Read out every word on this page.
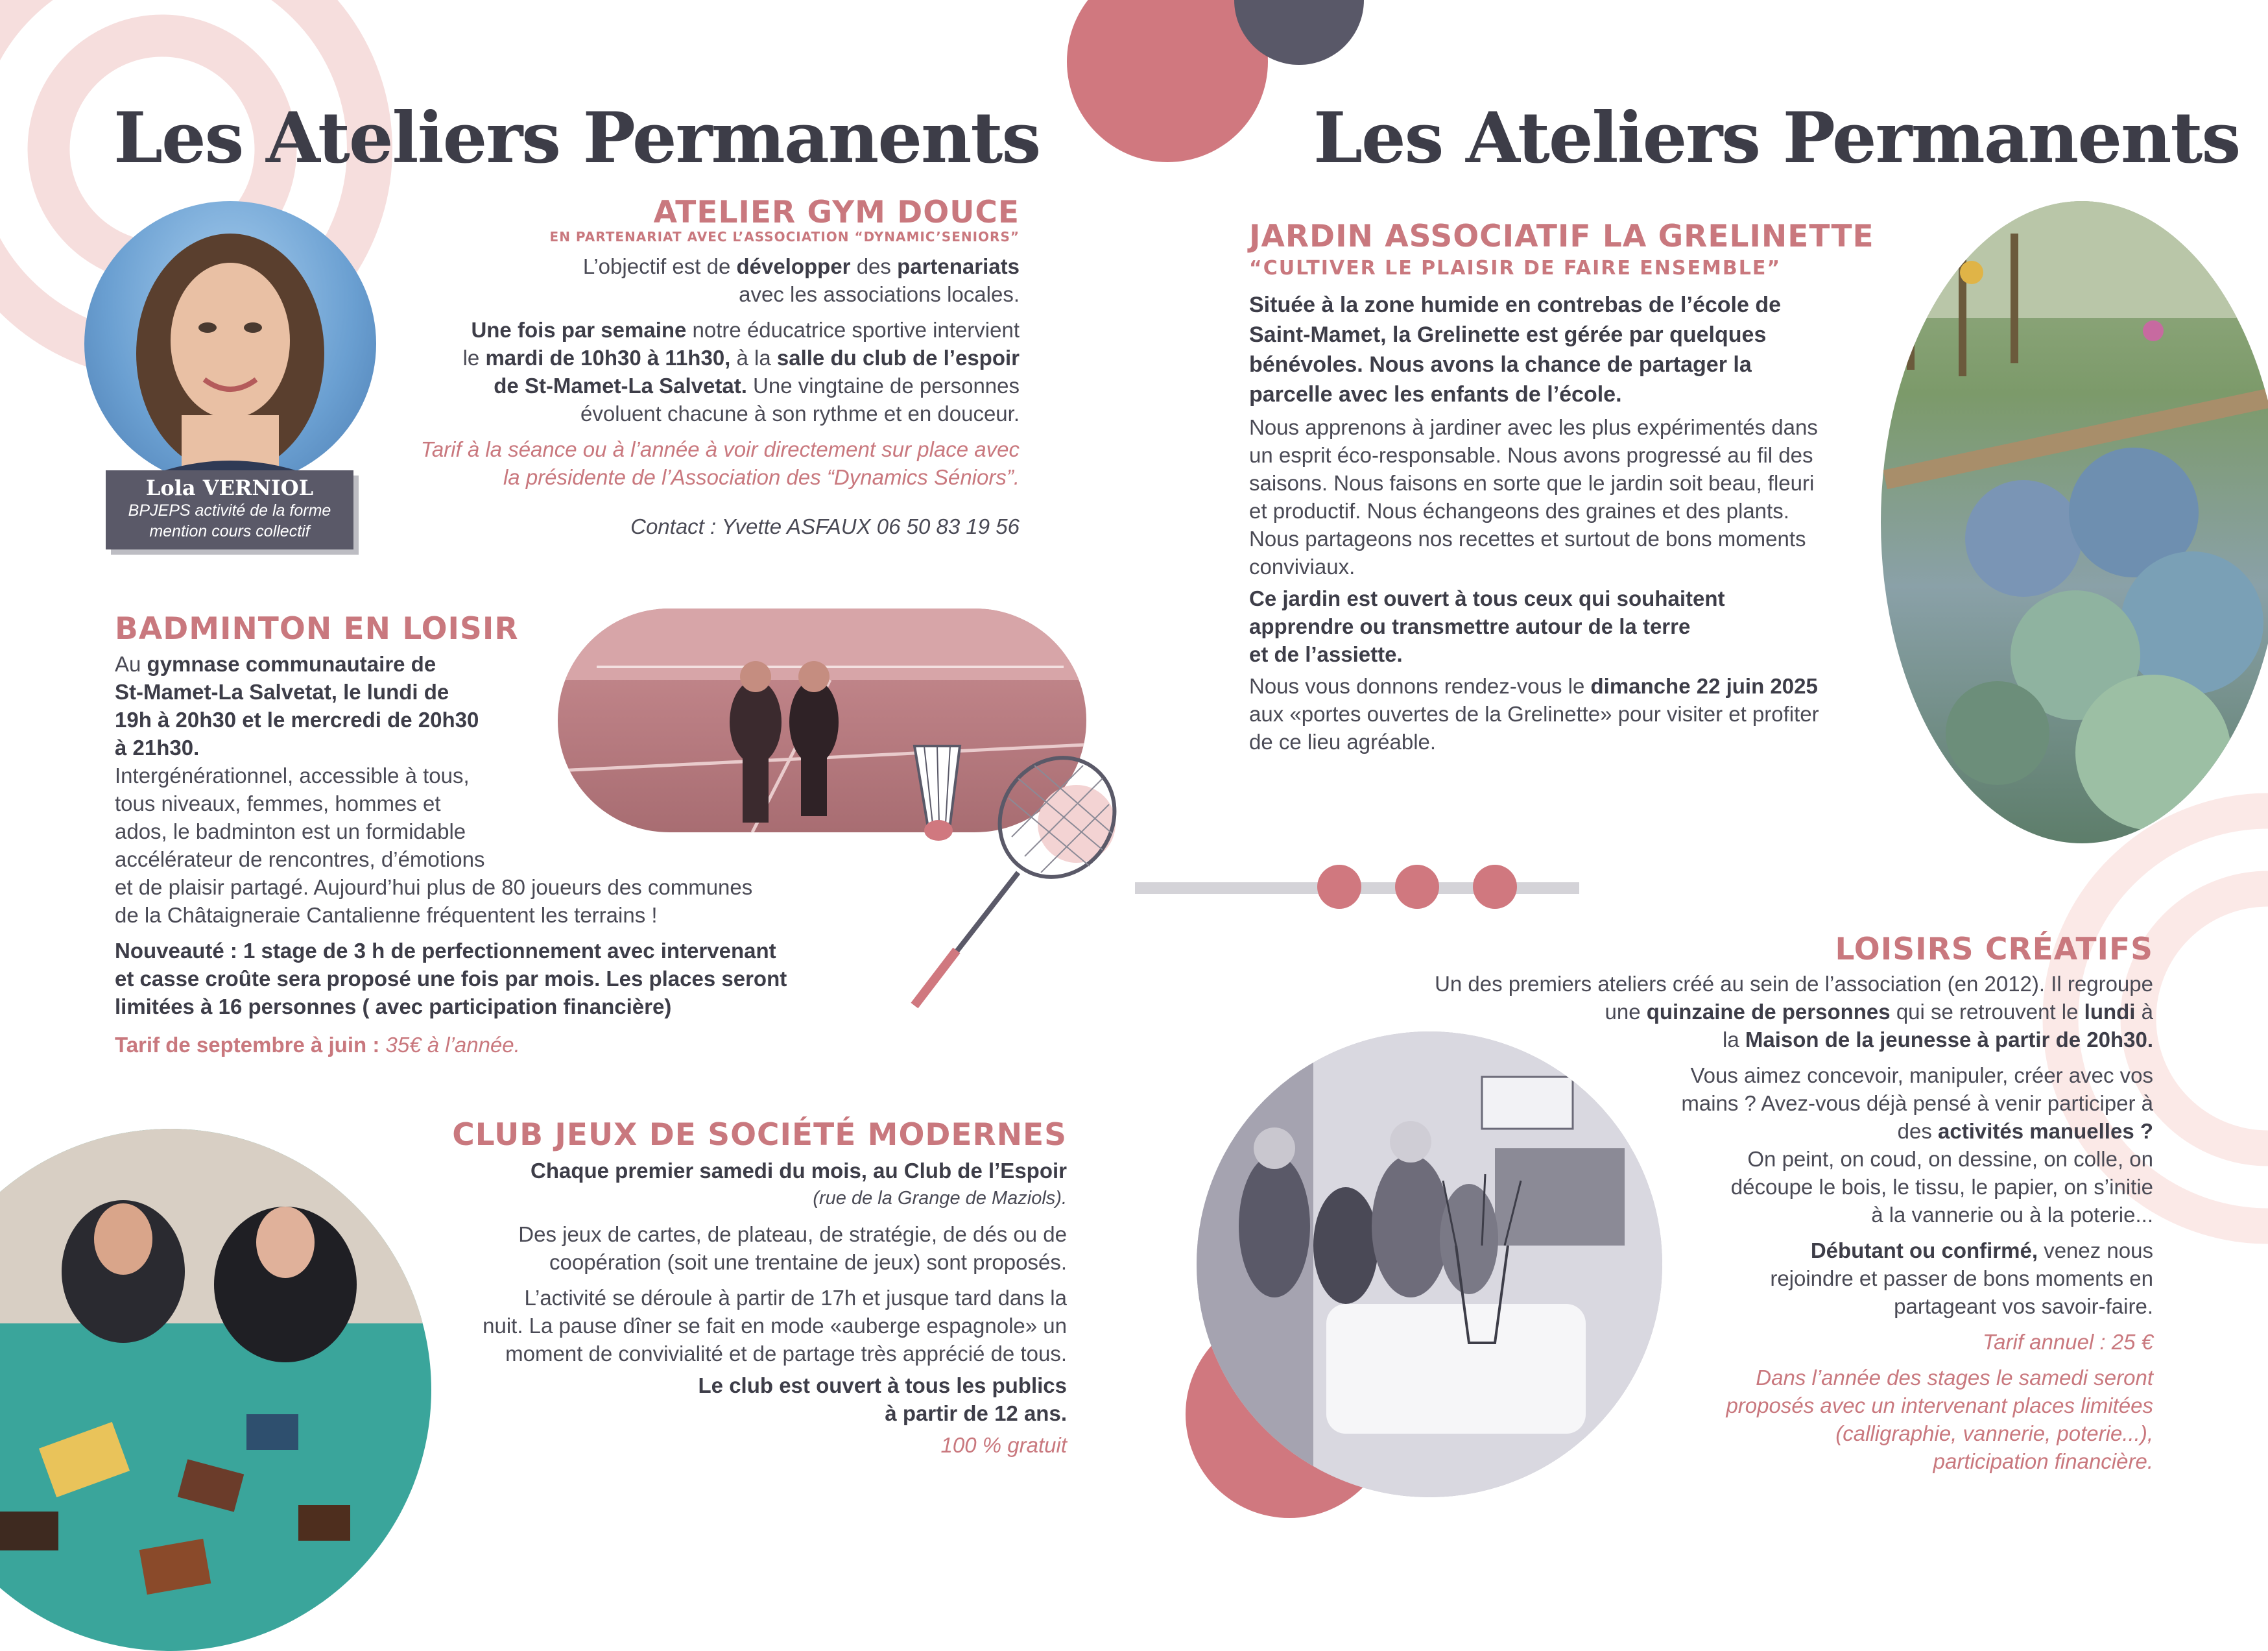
Les Ateliers Permanents
Lola VERNIOL
BPJEPS activité de la forme
mention cours collectif
ATELIER GYM DOUCE
EN PARTENARIAT AVEC L’ASSOCIATION “DYNAMIC’SENIORS”

L’objectif est de développer des partenariats

avec les associations locales.

Une fois par semaine notre éducatrice sportive intervient

le mardi de 10h30 à 11h30, à la salle du club de l’espoir

de St-Mamet-La Salvetat. Une vingtaine de personnes

évoluent chacune à son rythme et en douceur.

Tarif à la séance ou à l’année à voir directement sur place avec

la présidente de l’Association des “Dynamics Séniors”.

Contact : Yvette ASFAUX 06 50 83 19 56

BADMINTON EN LOISIR

Au gymnase communautaire de

St-Mamet-La Salvetat, le lundi de

19h à 20h30 et le mercredi de 20h30

à 21h30.

Intergénérationnel, accessible à tous,

tous niveaux, femmes, hommes et

ados, le badminton est un formidable

accélérateur de rencontres, d’émotions

et de plaisir partagé. Aujourd’hui plus de 80 joueurs des communes

de la Châtaigneraie Cantalienne fréquentent les terrains !

Nouveauté : 1 stage de 3 h de perfectionnement avec intervenant

et casse croûte sera proposé une fois par mois. Les places seront

limitées à 16 personnes ( avec participation financière)

Tarif de septembre à juin : 35€ à l’année.

CLUB JEUX DE SOCIÉTÉ MODERNES

Chaque premier samedi du mois, au Club de l’Espoir

(rue de la Grange de Maziols).

Des jeux de cartes, de plateau, de stratégie, de dés ou de

coopération (soit une trentaine de jeux) sont proposés.

L’activité se déroule à partir de 17h et jusque tard dans la

nuit. La pause dîner se fait en mode «auberge espagnole» un

moment de convivialité et de partage très apprécié de tous.

Le club est ouvert à tous les publics

à partir de 12 ans.

100 % gratuit

Les Ateliers Permanents
JARDIN ASSOCIATIF LA GRELINETTE
“CULTIVER LE PLAISIR DE FAIRE ENSEMBLE”

Située à la zone humide en contrebas de l’école de

Saint-Mamet, la Grelinette est gérée par quelques

bénévoles. Nous avons la chance de partager la

parcelle avec les enfants de l’école.

Nous apprenons à jardiner avec les plus expérimentés dans

un esprit éco-responsable. Nous avons progressé au fil des

saisons. Nous faisons en sorte que le jardin soit beau, fleuri

et productif. Nous échangeons des graines et des plants.

Nous partageons nos recettes et surtout de bons moments

conviviaux.

Ce jardin est ouvert à tous ceux qui souhaitent

apprendre ou transmettre autour de la terre

et de l’assiette.

Nous vous donnons rendez-vous le dimanche 22 juin 2025

aux «portes ouvertes de la Grelinette» pour visiter et profiter

de ce lieu agréable.

LOISIRS CRÉATIFS

Un des premiers ateliers créé au sein de l’association (en 2012). Il regroupe

une quinzaine de personnes qui se retrouvent le lundi à

la Maison de la jeunesse à partir de 20h30.

Vous aimez concevoir, manipuler, créer avec vos

mains ? Avez-vous déjà pensé à venir participer à

des activités manuelles ?

On peint, on coud, on dessine, on colle, on

découpe le bois, le tissu, le papier, on s’initie

à la vannerie ou à la poterie...

Débutant ou confirmé, venez nous

rejoindre et passer de bons moments en

partageant vos savoir-faire.

Tarif annuel : 25 €

Dans l’année des stages le samedi seront

proposés avec un intervenant places limitées

(calligraphie, vannerie, poterie...),

participation financière.
